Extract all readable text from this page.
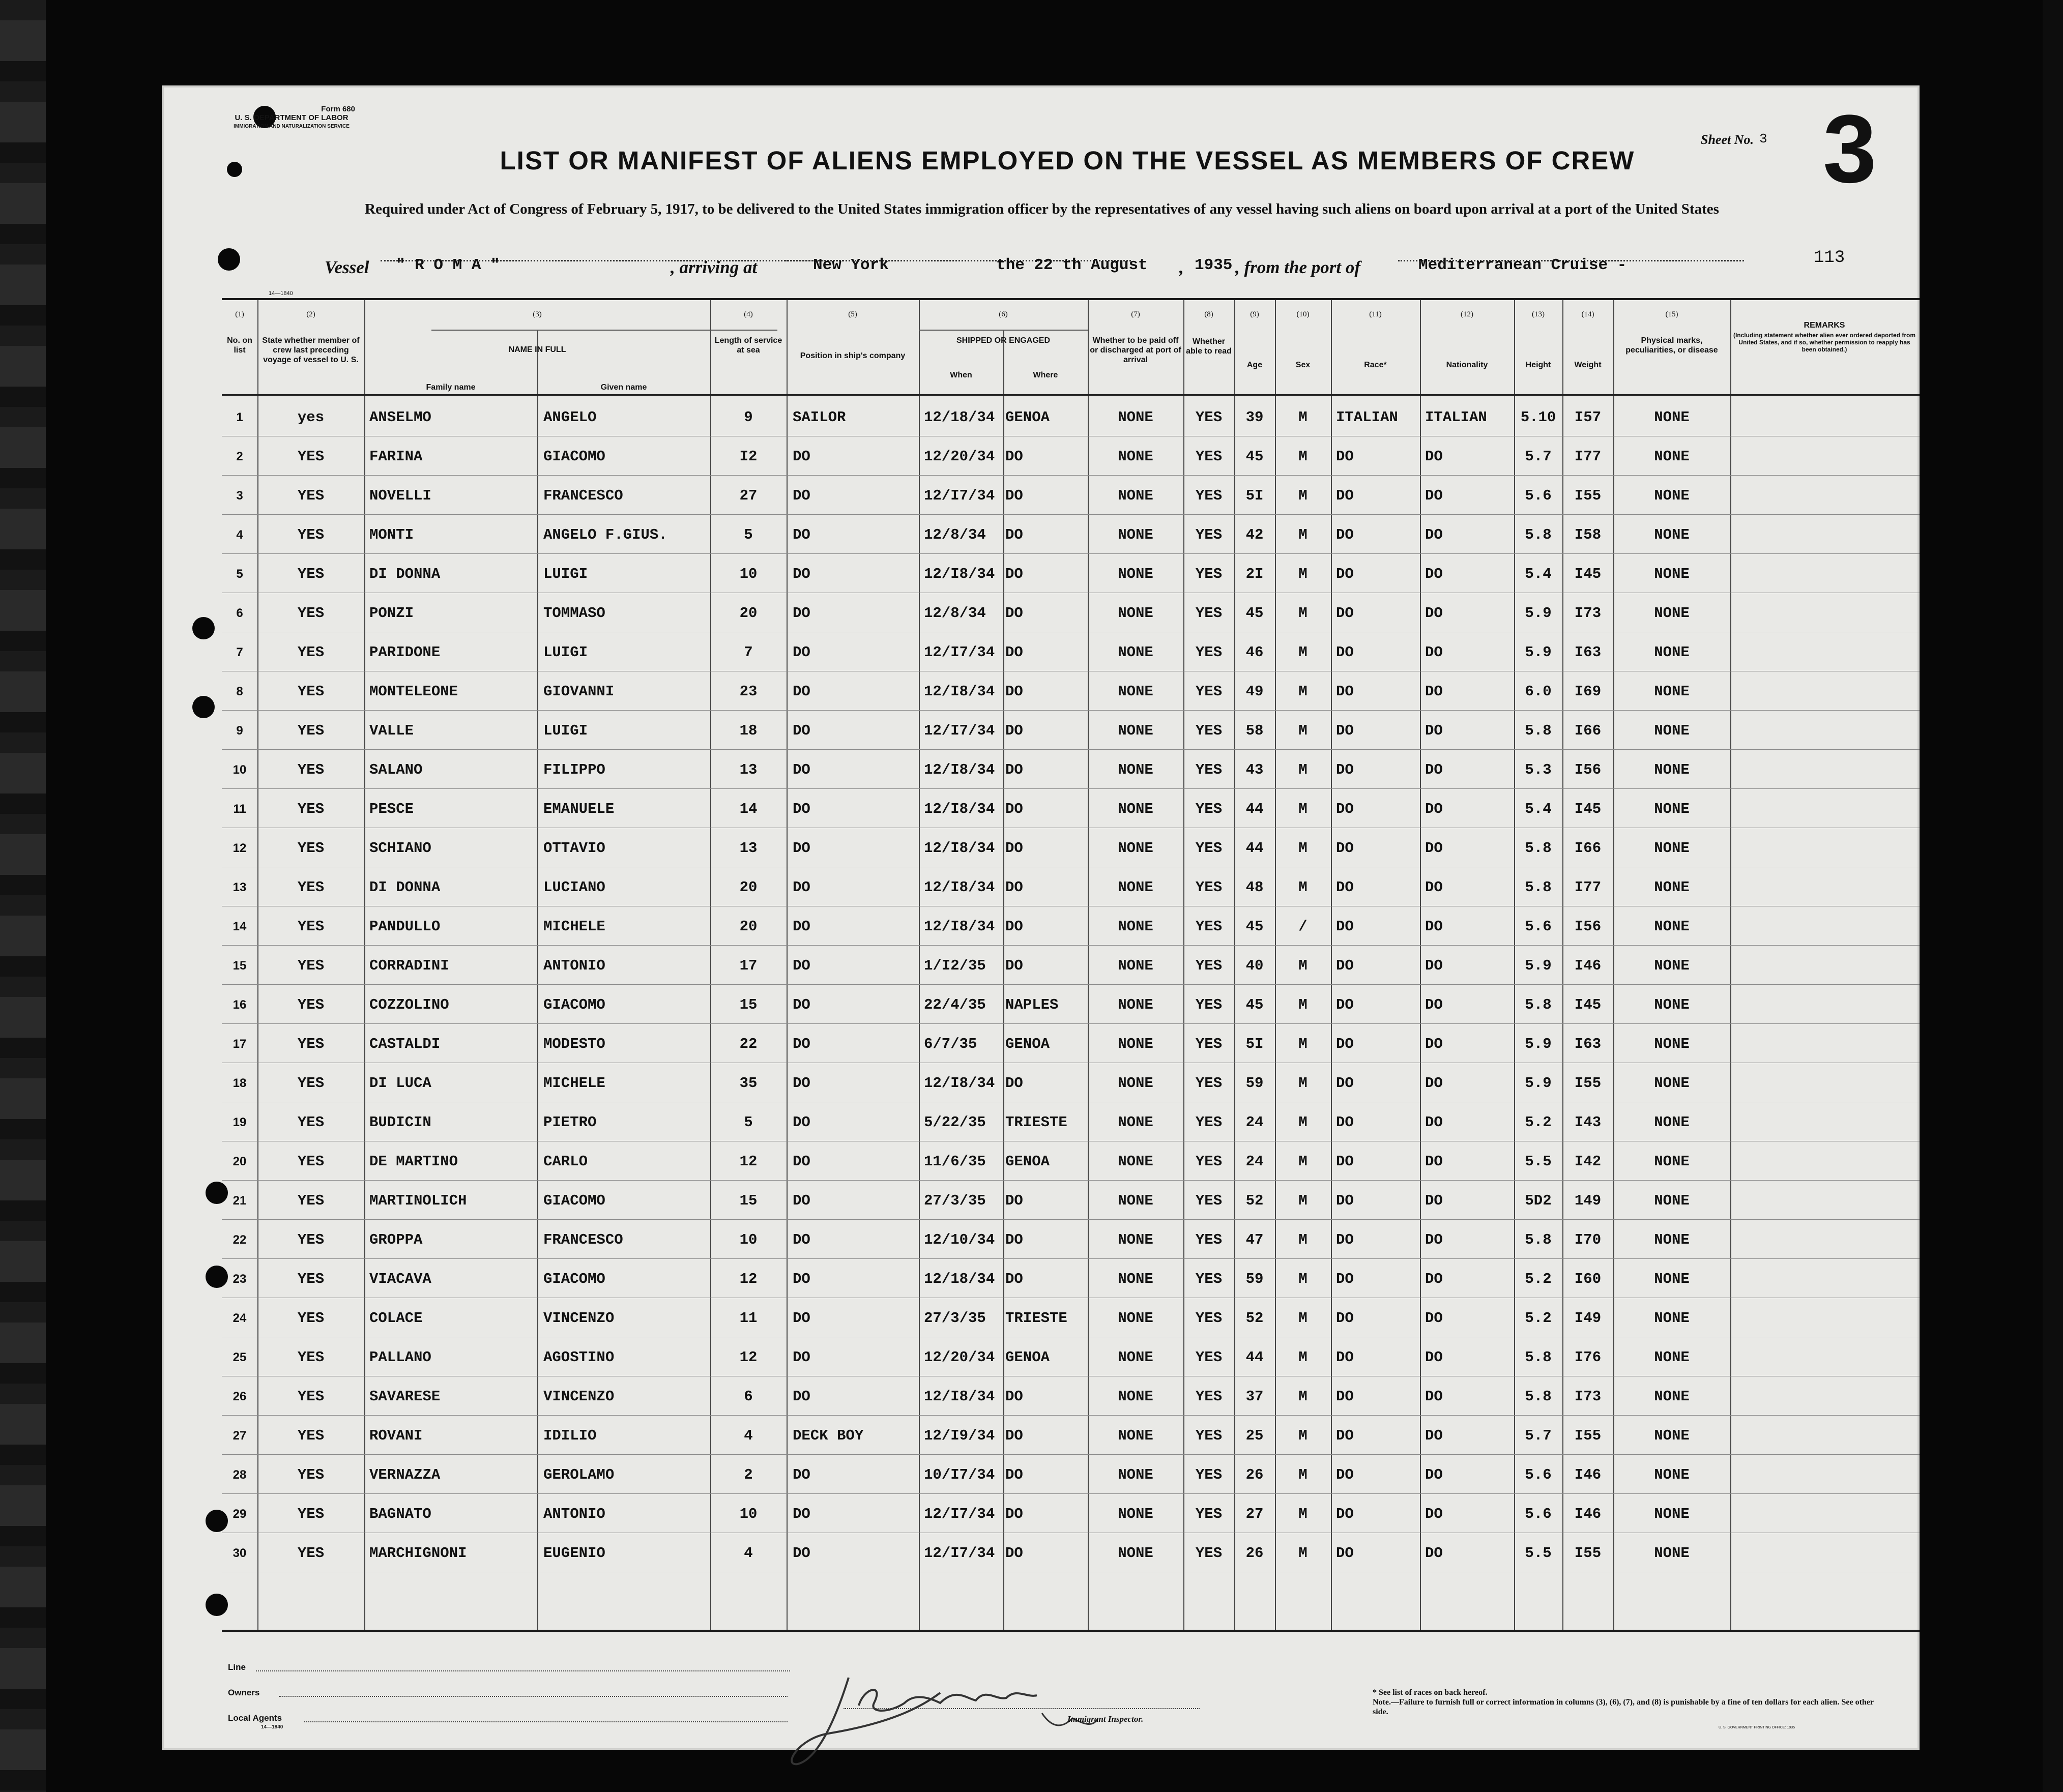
Form 680
U. S. DEPARTMENT OF LABOR
IMMIGRATION AND NATURALIZATION SERVICE
LIST OR MANIFEST OF ALIENS EMPLOYED ON THE VESSEL AS MEMBERS OF CREW
Required under Act of Congress of February 5, 1917, to be delivered to the United States immigration officer by the representatives of any vessel having such aliens on board upon arrival at a port of the United States
Sheet No. 3 3
113
Vessel " R O M A "	, arriving at	New York	the 22 th August , 1935 , from the port of	Mediterranean Cruise -
14—1840
(1)	(2)	(3)	(4)	(5)	(6)	(7)	(8)	(9)	(10)	(11)	(12)	(13)	(14)	(15)
No. on list
State whether member of crew last preceding voyage of vessel to U. S.
NAME IN FULL
Family name	Given name
Length of service at sea
Position in ship's company
SHIPPED OR ENGAGED
When	Where
Whether to be paid off or discharged at port of arrival
Whether able to read
Age	Sex	Race*	Nationality	Height	Weight
Physical marks, peculiarities, or disease
REMARKS
(Including statement whether alien ever ordered deported from United States, and if so, whether permission to reapply has been obtained.)
1	yes	ANSELMO	ANGELO	9	SAILOR	12/18/34 GENOA	NONE	YES	39	M	ITALIAN	ITALIAN	5.10	I57	NONE
2	YES	FARINA	GIACOMO	I2	DO	12/20/34 DO	NONE	YES	45	M	DO	DO	5.7	I77	NONE
3	YES	NOVELLI	FRANCESCO	27	DO	12/I7/34 DO	NONE	YES	5I	M	DO	DO	5.6	I55	NONE
4	YES	MONTI	ANGELO F.GIUS.	5	DO	12/8/34	DO	NONE	YES	42	M	DO	DO	5.8	I58	NONE
5	YES	DI DONNA	LUIGI	10	DO	12/I8/34 DO	NONE	YES	2I	M	DO	DO	5.4	I45	NONE
6	YES	PONZI	TOMMASO	20	DO	12/8/34	DO	NONE	YES	45	M	DO	DO	5.9	I73	NONE
7	YES	PARIDONE	LUIGI	7	DO	12/I7/34 DO	NONE	YES	46	M	DO	DO	5.9	I63	NONE
8	YES	MONTELEONE	GIOVANNI	23	DO	12/I8/34 DO	NONE	YES	49	M	DO	DO	6.0	I69	NONE
9	YES	VALLE	LUIGI	18	DO	12/I7/34 DO	NONE	YES	58	M	DO	DO	5.8	I66	NONE
10	YES	SALANO	FILIPPO	13	DO	12/I8/34 DO	NONE	YES	43	M	DO	DO	5.3	I56	NONE
11	YES	PESCE	EMANUELE	14	DO	12/I8/34 DO	NONE	YES	44	M	DO	DO	5.4	I45	NONE
12	YES	SCHIANO	OTTAVIO	13	DO	12/I8/34 DO	NONE	YES	44	M	DO	DO	5.8	I66	NONE
13	YES	DI DONNA	LUCIANO	20	DO	12/I8/34 DO	NONE	YES	48	M	DO	DO	5.8	I77	NONE
14	YES	PANDULLO	MICHELE	20	DO	12/I8/34 DO	NONE	YES	45	/	DO	DO	5.6	I56	NONE
15	YES	CORRADINI	ANTONIO	17	DO	1/I2/35	DO	NONE	YES	40	M	DO	DO	5.9	I46	NONE
16	YES	COZZOLINO	GIACOMO	15	DO	22/4/35	NAPLES	NONE	YES	45	M	DO	DO	5.8	I45	NONE
17	YES	CASTALDI	MODESTO	22	DO	6/7/35	GENOA	NONE	YES	5I	M	DO	DO	5.9	I63	NONE
18	YES	DI LUCA	MICHELE	35	DO	12/I8/34 DO	NONE	YES	59	M	DO	DO	5.9	I55	NONE
19	YES	BUDICIN	PIETRO	5	DO	5/22/35	TRIESTE	NONE	YES	24	M	DO	DO	5.2	I43	NONE
20	YES	DE MARTINO	CARLO	12	DO	11/6/35	GENOA	NONE	YES	24	M	DO	DO	5.5	I42	NONE
21	YES	MARTINOLICH	GIACOMO	15	DO	27/3/35	DO	NONE	YES	52	M	DO	DO	5D2	149	NONE
22	YES	GROPPA	FRANCESCO	10	DO	12/10/34 DO	NONE	YES	47	M	DO	DO	5.8	I70	NONE
23	YES	VIACAVA	GIACOMO	12	DO	12/18/34 DO	NONE	YES	59	M	DO	DO	5.2	I60	NONE
24	YES	COLACE	VINCENZO	11	DO	27/3/35	TRIESTE	NONE	YES	52	M	DO	DO	5.2	I49	NONE
25	YES	PALLANO	AGOSTINO	12	DO	12/20/34 GENOA	NONE	YES	44	M	DO	DO	5.8	I76	NONE
26	YES	SAVARESE	VINCENZO	6	DO	12/I8/34 DO	NONE	YES	37	M	DO	DO	5.8	I73	NONE
27	YES	ROVANI	IDILIO	4	DECK BOY	12/I9/34 DO	NONE	YES	25	M	DO	DO	5.7	I55	NONE
28	YES	VERNAZZA	GEROLAMO	2	DO	10/I7/34 DO	NONE	YES	26	M	DO	DO	5.6	I46	NONE
29	YES	BAGNATO	ANTONIO	10	DO	12/I7/34 DO	NONE	YES	27	M	DO	DO	5.6	I46	NONE
30	YES	MARCHIGNONI	EUGENIO	4	DO	12/I7/34 DO	NONE	YES	26	M	DO	DO	5.5	I55	NONE
Line
Owners
Local Agents
14—1840
Immigrant Inspector.
* See list of races on back hereof.
Note.—Failure to furnish full or correct information in columns (3), (6), (7), and (8) is punishable by a fine of ten dollars for each alien. See other side.
U. S. GOVERNMENT PRINTING OFFICE: 1935
